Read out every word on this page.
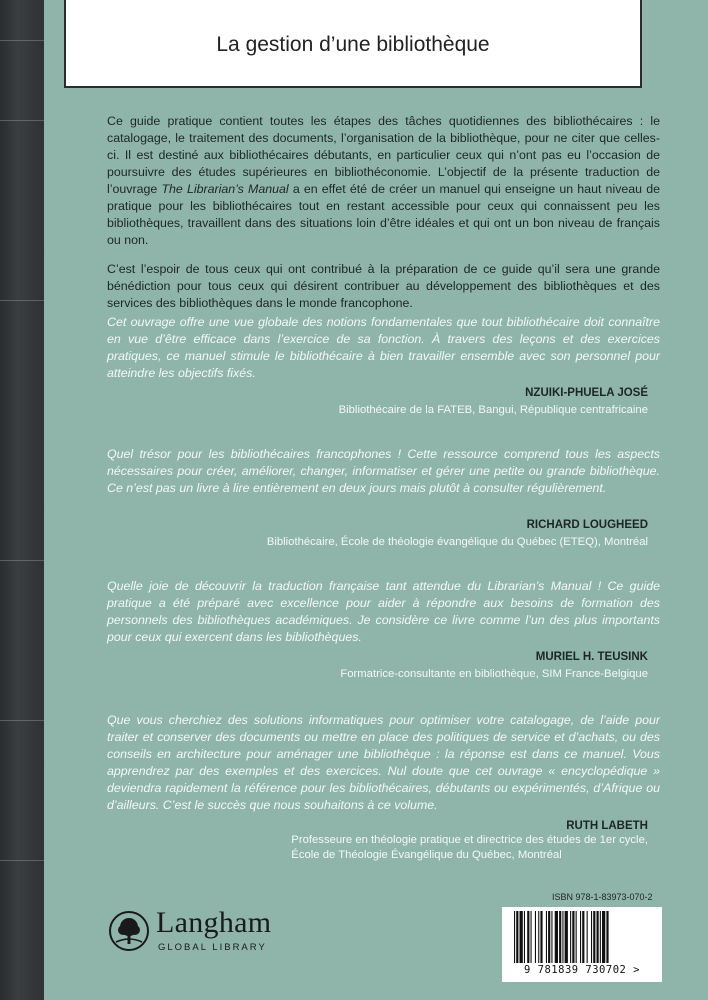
La gestion d’une bibliothèque

Ce guide pratique contient toutes les étapes des tâches quotidiennes des bibliothécaires : le catalogage, le traitement des documents, l’organisation de la bibliothèque, pour ne citer que celles-ci. Il est destiné aux bibliothécaires débutants, en particulier ceux qui n’ont pas eu l’occasion de poursuivre des études supérieures en bibliothéconomie. L’objectif de la présente traduction de l’ouvrage The Librarian’s Manual a en effet été de créer un manuel qui enseigne un haut niveau de pratique pour les bibliothécaires tout en restant accessible pour ceux qui connaissent peu les bibliothèques, travaillent dans des situations loin d’être idéales et qui ont un bon niveau de français ou non.

C’est l’espoir de tous ceux qui ont contribué à la préparation de ce guide qu’il sera une grande bénédiction pour tous ceux qui désirent contribuer au développement des bibliothèques et des services des bibliothèques dans le monde francophone.

Cet ouvrage offre une vue globale des notions fondamentales que tout bibliothécaire doit connaître en vue d’être efficace dans l’exercice de sa fonction. À travers des leçons et des exercices pratiques, ce manuel stimule le bibliothécaire à bien travailler ensemble avec son personnel pour atteindre les objectifs fixés.
NZUIKI-PHUELA JOSÉ
Bibliothécaire de la FATEB, Bangui, République centrafricaine
Quel trésor pour les bibliothécaires francophones ! Cette ressource comprend tous les aspects nécessaires pour créer, améliorer, changer, informatiser et gérer une petite ou grande bibliothèque. Ce n’est pas un livre à lire entièrement en deux jours mais plutôt à consulter régulièrement.
RICHARD LOUGHEED
Bibliothécaire, École de théologie évangélique du Québec (ETEQ), Montréal
Quelle joie de découvrir la traduction française tant attendue du Librarian’s Manual ! Ce guide pratique a été préparé avec excellence pour aider à répondre aux besoins de formation des personnels des bibliothèques académiques. Je considère ce livre comme l’un des plus importants pour ceux qui exercent dans les bibliothèques.
MURIEL H. TEUSINK
Formatrice-consultante en bibliothèque, SIM France-Belgique
Que vous cherchiez des solutions informatiques pour optimiser votre catalogage, de l’aide pour traiter et conserver des documents ou mettre en place des politiques de service et d’achats, ou des conseils en architecture pour aménager une bibliothèque : la réponse est dans ce manuel. Vous apprendrez par des exemples et des exercices. Nul doute que cet ouvrage « encyclopédique » deviendra rapidement la référence pour les bibliothécaires, débutants ou expérimentés, d’Afrique ou d’ailleurs. C’est le succès que nous souhaitons à ce volume.
RUTH LABETH
Professeure en théologie pratique et directrice des études de 1er cycle,
École de Théologie Évangélique du Québec, Montréal
Langham
GLOBAL LIBRARY
ISBN 978-1-83973-070-2
9 781839 730702 >
